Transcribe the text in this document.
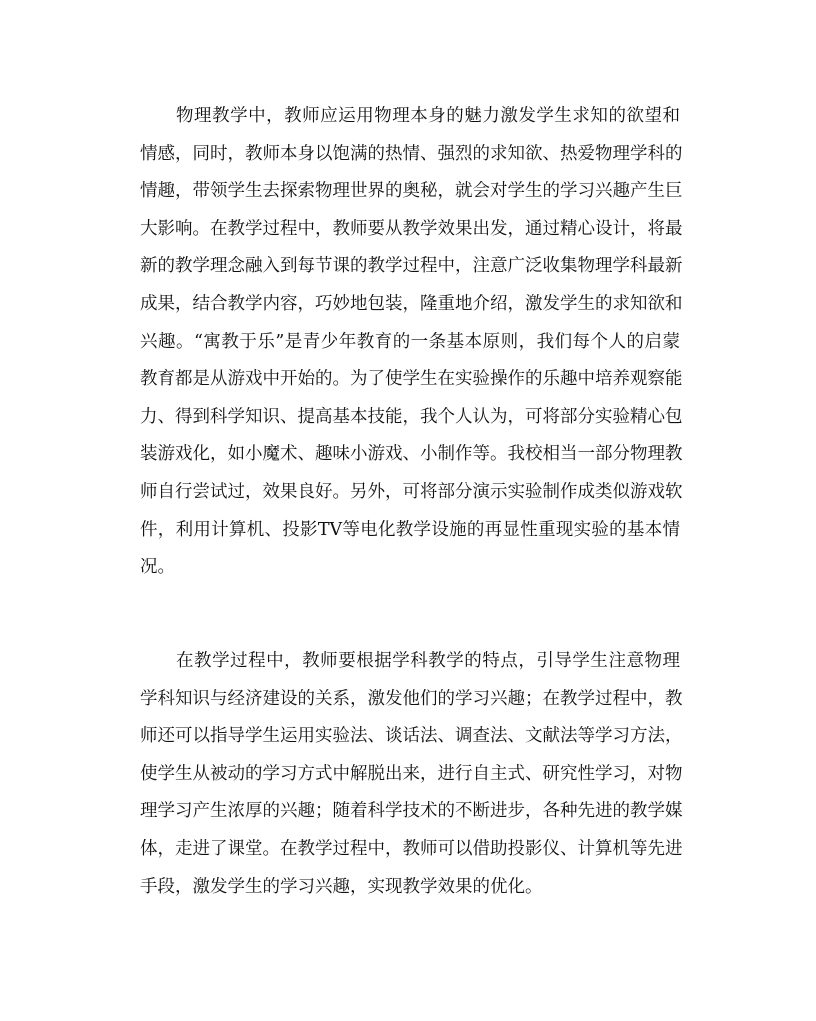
　　物理教学中，教师应运用物理本身的魅力激发学生求知的欲望和
情感，同时，教师本身以饱满的热情、强烈的求知欲、热爱物理学科的
情趣，带领学生去探索物理世界的奥秘，就会对学生的学习兴趣产生巨
大影响。在教学过程中，教师要从教学效果出发，通过精心设计，将最
新的教学理念融入到每节课的教学过程中，注意广泛收集物理学科最新
成果，结合教学内容，巧妙地包装，隆重地介绍，激发学生的求知欲和
兴趣。“寓教于乐”是青少年教育的一条基本原则，我们每个人的启蒙
教育都是从游戏中开始的。为了使学生在实验操作的乐趣中培养观察能
力、得到科学知识、提高基本技能，我个人认为，可将部分实验精心包
装游戏化，如小魔术、趣味小游戏、小制作等。我校相当一部分物理教
师自行尝试过，效果良好。另外，可将部分演示实验制作成类似游戏软
件，利用计算机、投影TV等电化教学设施的再显性重现实验的基本情
况。
　　在教学过程中，教师要根据学科教学的特点，引导学生注意物理
学科知识与经济建设的关系，激发他们的学习兴趣；在教学过程中，教
师还可以指导学生运用实验法、谈话法、调查法、文献法等学习方法，
使学生从被动的学习方式中解脱出来，进行自主式、研究性学习，对物
理学习产生浓厚的兴趣；随着科学技术的不断进步，各种先进的教学媒
体，走进了课堂。在教学过程中，教师可以借助投影仪、计算机等先进
手段，激发学生的学习兴趣，实现教学效果的优化。
